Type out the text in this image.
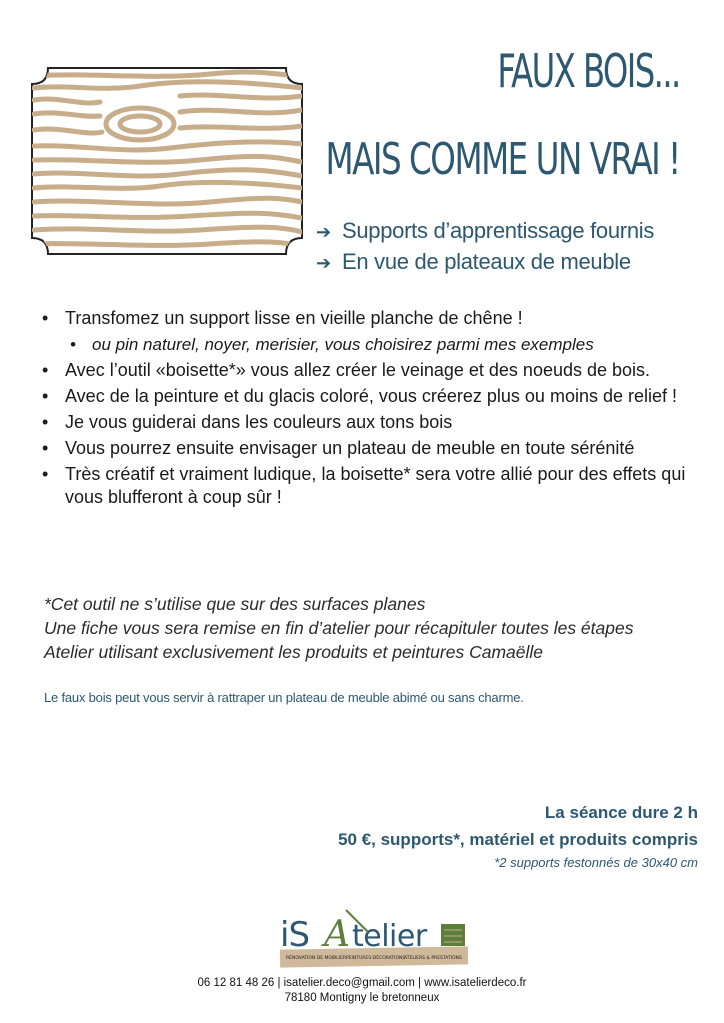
FAUX BOIS...
MAIS COMME UN VRAI !
➔ Supports d’apprentissage fournis
➔ En vue de plateaux de meuble
• Transfomez un support lisse en vieille planche de chêne !
• ou pin naturel, noyer, merisier, vous choisirez parmi mes exemples
• Avec l’outil «boisette*» vous allez créer le veinage et des noeuds de bois.
• Avec de la peinture et du glacis coloré, vous créerez plus ou moins de relief !
• Je vous guiderai dans les couleurs aux tons bois
• Vous pourrez ensuite envisager un plateau de meuble en toute sérénité
• Très créatif et vraiment ludique, la boisette* sera votre allié pour des effets qui vous blufferont à coup sûr !
*Cet outil ne s’utilise que sur des surfaces planes
Une fiche vous sera remise en fin d’atelier pour récapituler toutes les étapes
Atelier utilisant exclusivement les produits et peintures Camaëlle
Le faux bois peut vous servir à rattraper un plateau de meuble abimé ou sans charme.
La séance dure 2 h
50 €, supports*, matériel et produits compris
*2 supports festonnés de 30x40 cm
iS A telier
RÉNOVATION DE MOBILIER PEINTURES-DÉCORATIONS
ATELIERS & PRESTATIONS
06 12 81 48 26 | isatelier.deco@gmail.com | www.isatelierdeco.fr
78180 Montigny le bretonneux
